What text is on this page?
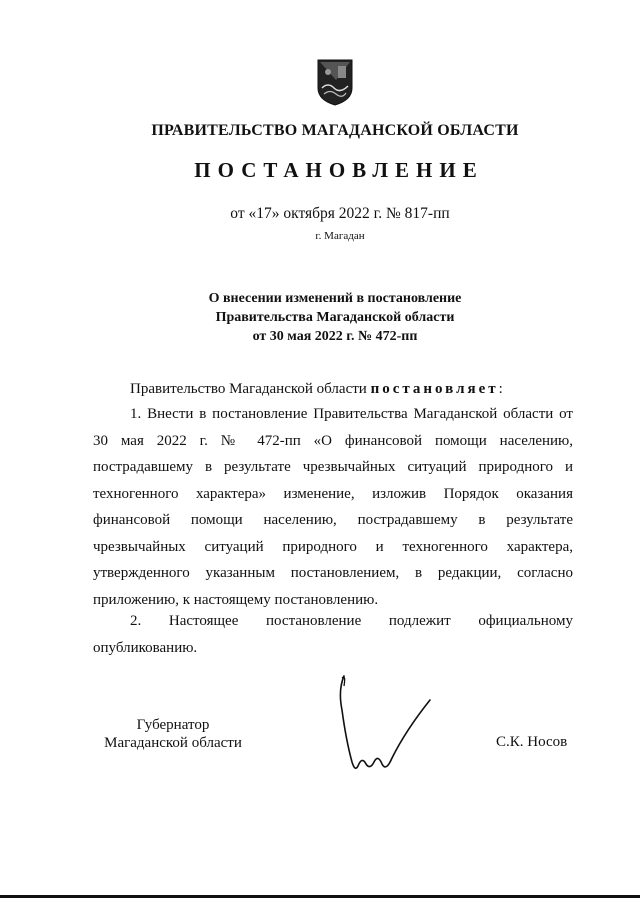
ПРАВИТЕЛЬСТВО МАГАДАНСКОЙ ОБЛАСТИ
ПОСТАНОВЛЕНИЕ
от «17» октября 2022 г. № 817-пп
г. Магадан
О внесении изменений в постановление
Правительства Магаданской области
от 30 мая 2022 г. № 472-пп
Правительство Магаданской области постановляет:
1. Внести в постановление Правительства Магаданской области от 30 мая 2022 г. № 472-пп «О финансовой помощи населению, пострадавшему в результате чрезвычайных ситуаций природного и техногенного характера» изменение, изложив Порядок оказания финансовой помощи населению, пострадавшему в результате чрезвычайных ситуаций природного и техногенного характера, утвержденного указанным постановлением, в редакции, согласно приложению, к настоящему постановлению.
2. Настоящее постановление подлежит официальному
опубликованию.
Губернатор
Магаданской области	С.К. Носов
